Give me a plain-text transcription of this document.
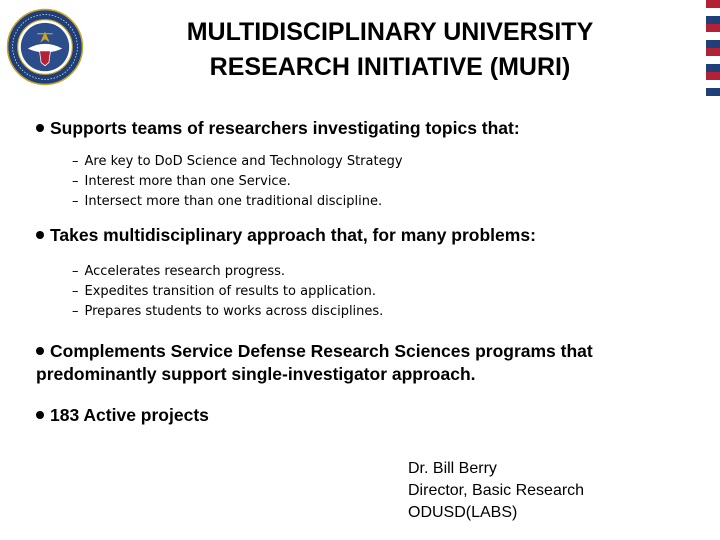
MULTIDISCIPLINARY UNIVERSITY
RESEARCH INITIATIVE (MURI)
Supports teams of researchers investigating topics that:
– Are key to DoD Science and Technology Strategy
– Interest more than one Service.
– Intersect more than one traditional discipline.
Takes multidisciplinary approach that, for many problems:
– Accelerates research progress.
– Expedites transition of results to application.
– Prepares students to works across disciplines.
Complements Service Defense Research Sciences programs that
predominantly support single‑investigator approach.
183 Active projects
Dr. Bill Berry
Director, Basic Research
ODUSD(LABS)
